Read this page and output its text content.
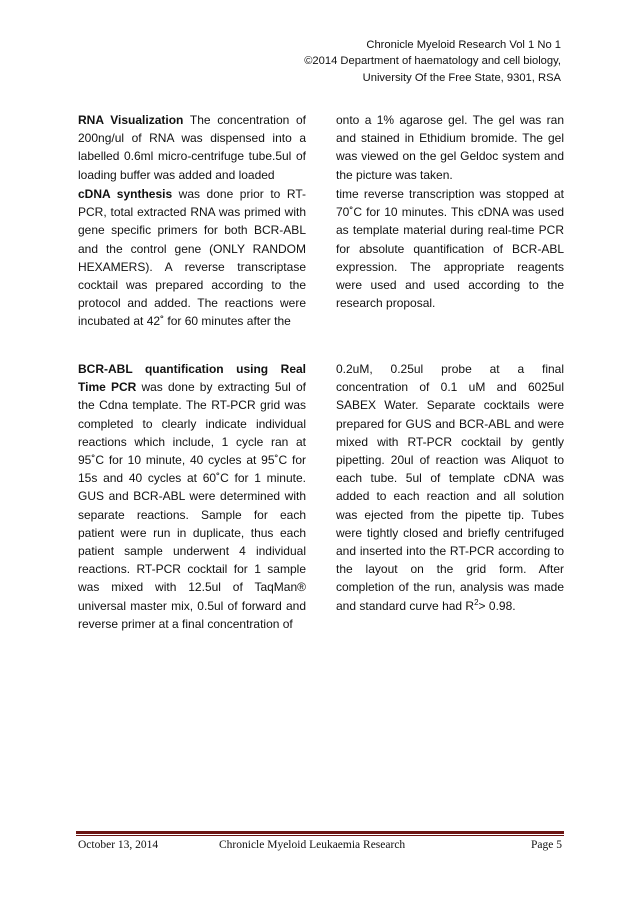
Chronicle Myeloid Research Vol 1 No 1
©2014 Department of haematology and cell biology,
University Of the Free State, 9301, RSA

RNA Visualization The concentration of 200ng/ul of RNA was dispensed into a labelled 0.6ml micro-centrifuge tube.5ul of loading buffer was added and loaded

onto a 1% agarose gel. The gel was ran and stained in Ethidium bromide. The gel was viewed on the gel Geldoc system and the picture was taken.

cDNA synthesis was done prior to RT-PCR, total extracted RNA was primed with gene specific primers for both BCR-ABL and the control gene (ONLY RANDOM HEXAMERS). A reverse transcriptase cocktail was prepared according to the protocol and added. The reactions were incubated at 42˚ for 60 minutes after the

time reverse transcription was stopped at 70˚C for 10 minutes. This cDNA was used as template material during real-time PCR for absolute quantification of BCR-ABL expression. The appropriate reagents were used and used according to the research proposal.

BCR-ABL quantification using Real Time PCR was done by extracting 5ul of the Cdna template. The RT-PCR grid was completed to clearly indicate individual reactions which include, 1 cycle ran at 95˚C for 10 minute, 40 cycles at 95˚C for 15s and 40 cycles at 60˚C for 1 minute. GUS and BCR-ABL were determined with separate reactions. Sample for each patient were run in duplicate, thus each patient sample underwent 4 individual reactions. RT-PCR cocktail for 1 sample was mixed with 12.5ul of TaqMan® universal master mix, 0.5ul of forward and reverse primer at a final concentration of

0.2uM, 0.25ul probe at a final concentration of 0.1 uM and 6025ul SABEX Water. Separate cocktails were prepared for GUS and BCR-ABL and were mixed with RT-PCR cocktail by gently pipetting. 20ul of reaction was Aliquot to each tube. 5ul of template cDNA was added to each reaction and all solution was ejected from the pipette tip. Tubes were tightly closed and briefly centrifuged and inserted into the RT-PCR according to the layout on the grid form. After completion of the run, analysis was made and standard curve had $R^2> 0.98$.

October 13, 2014	Chronicle Myeloid Leukaemia Research	Page 5
